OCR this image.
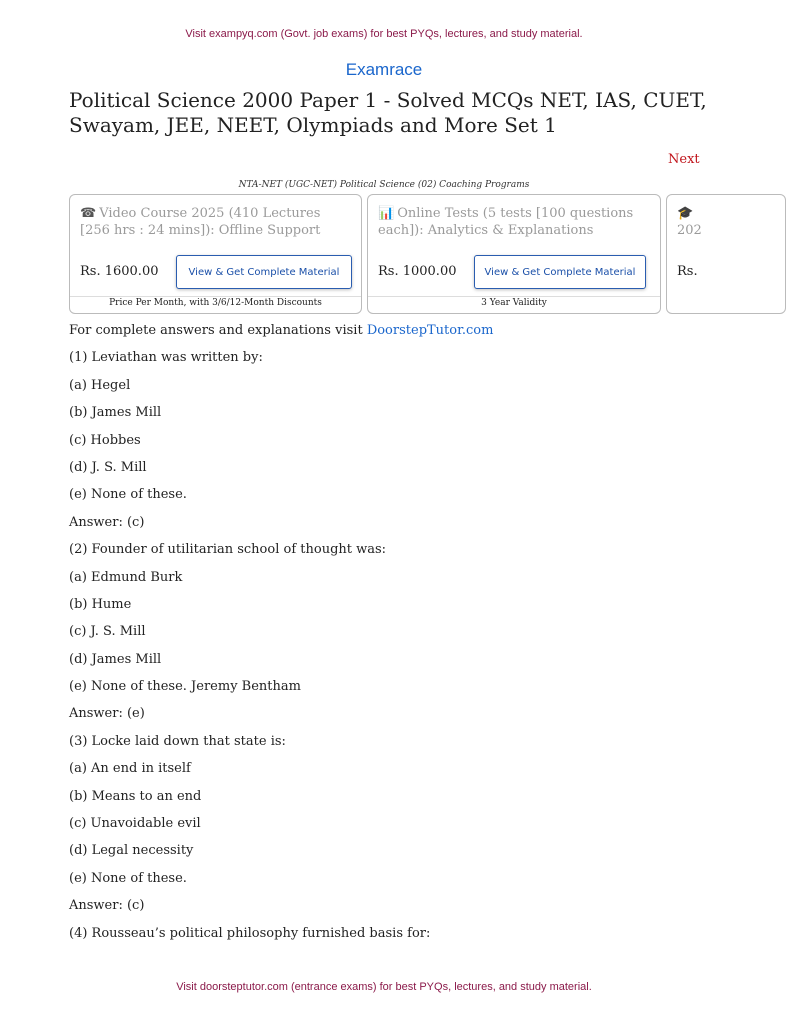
Visit exampyq.com (Govt. job exams) for best PYQs, lectures, and study material.
Examrace
Political Science 2000 Paper 1 - Solved MCQs NET, IAS, CUET, Swayam, JEE, NEET, Olympiads and More Set 1
Next
NTA-NET (UGC-NET) Political Science (02) Coaching Programs
☎ Video Course 2025 (410 Lectures [256 hrs : 24 mins]): Offline Support
Rs. 1600.00	View & Get Complete Material
Price Per Month, with 3/6/12-Month Discounts
📊 Online Tests (5 tests [100 questions each]): Analytics & Explanations
Rs. 1000.00	View & Get Complete Material
3 Year Validity
🎓
202
Rs.
For complete answers and explanations visit DoorstepTutor.com
(1) Leviathan was written by:
(a) Hegel
(b) James Mill
(c) Hobbes
(d) J. S. Mill
(e) None of these.
Answer: (c)
(2) Founder of utilitarian school of thought was:
(a) Edmund Burk
(b) Hume
(c) J. S. Mill
(d) James Mill
(e) None of these. Jeremy Bentham
Answer: (e)
(3) Locke laid down that state is:
(a) An end in itself
(b) Means to an end
(c) Unavoidable evil
(d) Legal necessity
(e) None of these.
Answer: (c)
(4) Rousseau’s political philosophy furnished basis for:
Visit doorsteptutor.com (entrance exams) for best PYQs, lectures, and study material.
